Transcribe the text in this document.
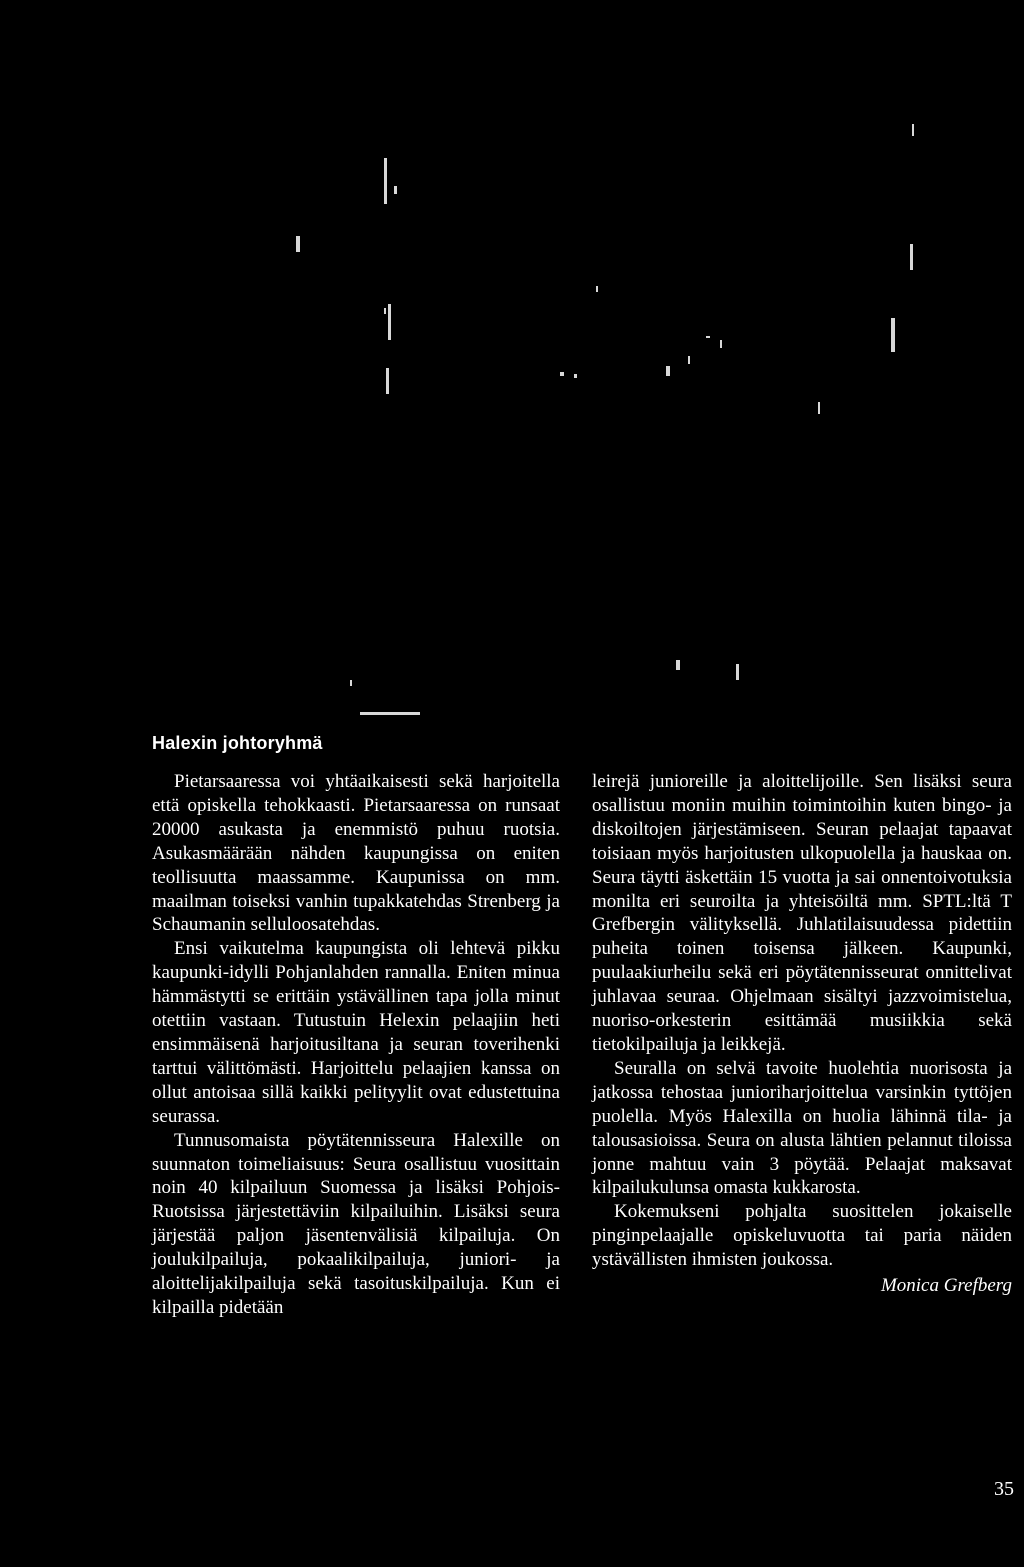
Halexin johtoryhmä

Pietarsaaressa voi yhtäaikaisesti sekä harjoitella että opiskella tehokkaasti. Pietarsaaressa on runsaat 20000 asukasta ja enemmistö puhuu ruotsia. Asukasmäärään nähden kaupungissa on eniten teollisuutta maassamme. Kaupunissa on mm. maailman toiseksi vanhin tupakkatehdas Strenberg ja Schaumanin selluloosatehdas.

Ensi vaikutelma kaupungista oli lehtevä pikku kaupunki-idylli Pohjanlahden rannalla. Eniten minua hämmästytti se erittäin ystävällinen tapa jolla minut otettiin vastaan. Tutustuin Helexin pelaajiin heti ensimmäisenä harjoitusiltana ja seuran toverihenki tarttui välittömästi. Harjoittelu pelaajien kanssa on ollut antoisaa sillä kaikki pelityylit ovat edustettuina seurassa.

Tunnusomaista pöytätennisseura Halexille on suunnaton toimeliaisuus: Seura osallistuu vuosittain noin 40 kilpailuun Suomessa ja lisäksi Pohjois-Ruotsissa järjestettäviin kilpailuihin. Lisäksi seura järjestää paljon jäsentenvälisiä kilpailuja. On joulukilpailuja, pokaalikilpailuja, juniori- ja aloittelijakilpailuja sekä tasoituskilpailuja. Kun ei kilpailla pidetään

leirejä junioreille ja aloittelijoille. Sen lisäksi seura osallistuu moniin muihin toimintoihin kuten bingo- ja diskoiltojen järjestämiseen. Seuran pelaajat tapaavat toisiaan myös harjoitusten ulkopuolella ja hauskaa on. Seura täytti äskettäin 15 vuotta ja sai onnentoivotuksia monilta eri seuroilta ja yhteisöiltä mm. SPTL:ltä T Grefbergin välityksellä. Juhlatilaisuudessa pidettiin puheita toinen toisensa jälkeen. Kaupunki, puulaakiurheilu sekä eri pöytätennisseurat onnittelivat juhlavaa seuraa. Ohjelmaan sisältyi jazzvoimistelua, nuoriso-orkesterin esittämää musiikkia sekä tietokilpailuja ja leikkejä.

Seuralla on selvä tavoite huolehtia nuorisosta ja jatkossa tehostaa junioriharjoittelua varsinkin tyttöjen puolella. Myös Halexilla on huolia lähinnä tila- ja talousasioissa. Seura on alusta lähtien pelannut tiloissa jonne mahtuu vain 3 pöytää. Pelaajat maksavat kilpailukulunsa omasta kukkarosta.

Kokemukseni pohjalta suosittelen jokaiselle pinginpelaajalle opiskeluvuotta tai paria näiden ystävällisten ihmisten joukossa.

Monica Grefberg

35
